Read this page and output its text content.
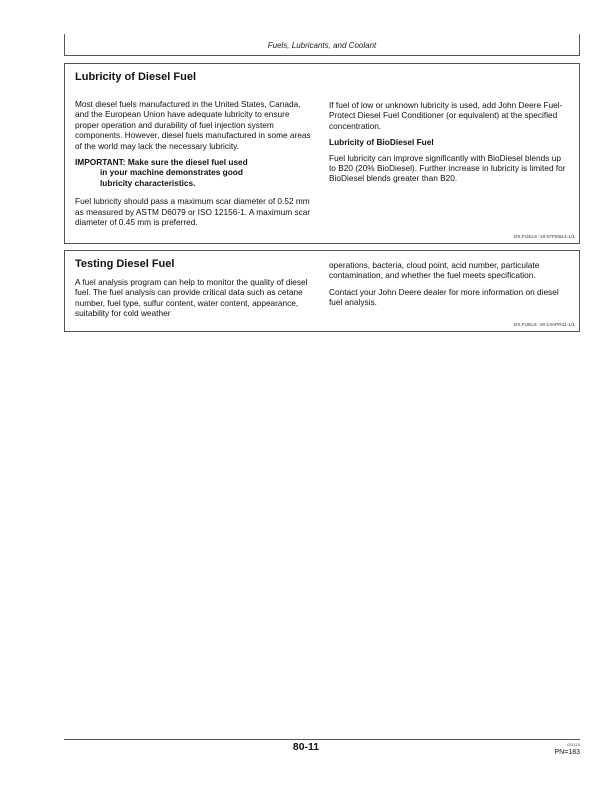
Fuels, Lubricants, and Coolant
Lubricity of Diesel Fuel

Most diesel fuels manufactured in the United States, Canada, and the European Union have adequate lubricity to ensure proper operation and durability of fuel injection system components. However, diesel fuels manufactured in some areas of the world may lack the necessary lubricity.

IMPORTANT: Make sure the diesel fuel used
in your machine demonstrates good
lubricity characteristics.

Fuel lubricity should pass a maximum scar diameter of 0.52 mm as measured by ASTM D6079 or ISO 12156-1. A maximum scar diameter of 0.45 mm is preferred.

If fuel of low or unknown lubricity is used, add John Deere Fuel-Protect Diesel Fuel Conditioner (or equivalent) at the specified concentration.

Lubricity of BioDiesel Fuel

Fuel lubricity can improve significantly with BioDiesel blends up to B20 (20% BioDiesel). Further increase in lubricity is limited for BioDiesel blends greater than B20.

DX,FUEL5 -19-07FEB14-1/1
Testing Diesel Fuel

A fuel analysis program can help to monitor the quality of diesel fuel. The fuel analysis can provide critical data such as cetane number, fuel type, sulfur content, water content, appearance, suitability for cold weather

operations, bacteria, cloud point, acid number, particulate contamination, and whether the fuel meets specification.

Contact your John Deere dealer for more information on diesel fuel analysis.

DX,FUEL6 -19-14APR11-1/1
80-11	021115
PN=183
